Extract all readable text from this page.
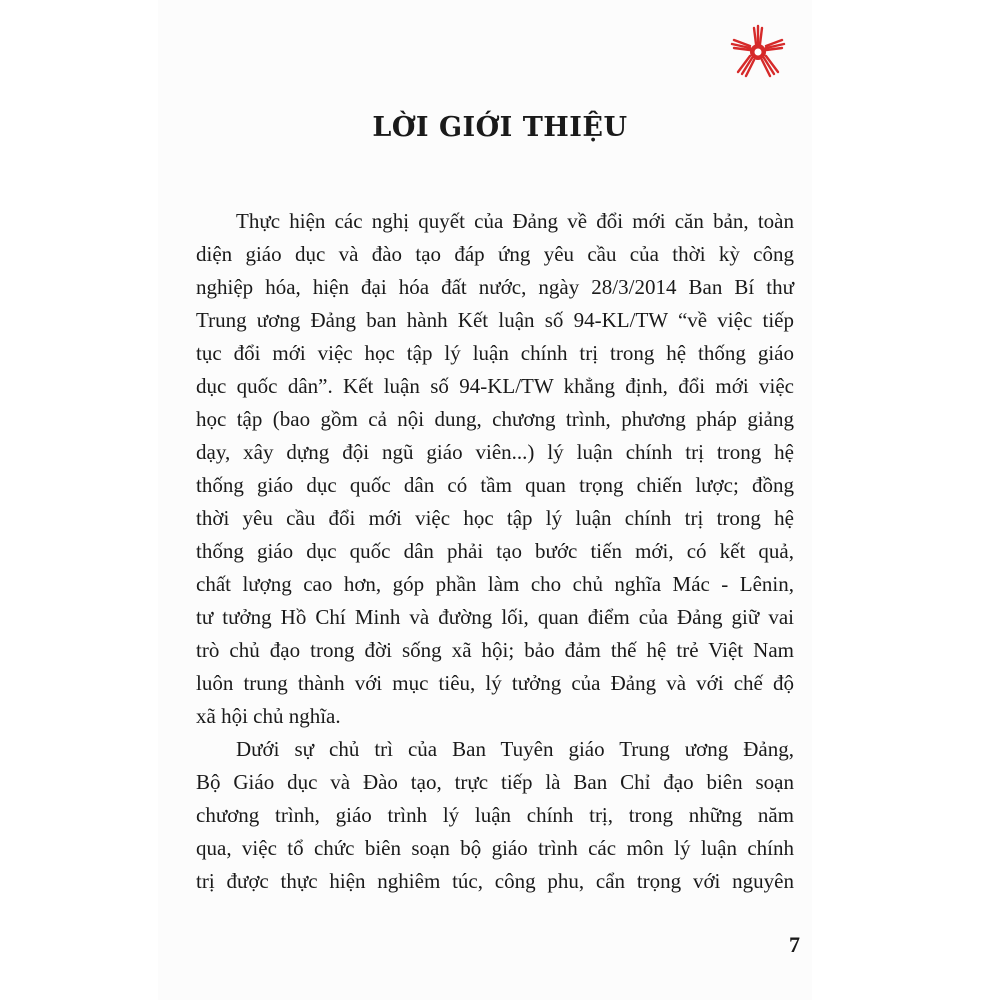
LỜI GIỚI THIỆU

Thực hiện các nghị quyết của Đảng về đổi mới căn bản, toàn
diện giáo dục và đào tạo đáp ứng yêu cầu của thời kỳ công
nghiệp hóa, hiện đại hóa đất nước, ngày 28/3/2014 Ban Bí thư
Trung ương Đảng ban hành Kết luận số 94-KL/TW “về việc tiếp
tục đổi mới việc học tập lý luận chính trị trong hệ thống giáo
dục quốc dân”. Kết luận số 94-KL/TW khẳng định, đổi mới việc
học tập (bao gồm cả nội dung, chương trình, phương pháp giảng
dạy, xây dựng đội ngũ giáo viên...) lý luận chính trị trong hệ
thống giáo dục quốc dân có tầm quan trọng chiến lược; đồng
thời yêu cầu đổi mới việc học tập lý luận chính trị trong hệ
thống giáo dục quốc dân phải tạo bước tiến mới, có kết quả,
chất lượng cao hơn, góp phần làm cho chủ nghĩa Mác - Lênin,
tư tưởng Hồ Chí Minh và đường lối, quan điểm của Đảng giữ vai
trò chủ đạo trong đời sống xã hội; bảo đảm thế hệ trẻ Việt Nam
luôn trung thành với mục tiêu, lý tưởng của Đảng và với chế độ
xã hội chủ nghĩa.

Dưới sự chủ trì của Ban Tuyên giáo Trung ương Đảng,
Bộ Giáo dục và Đào tạo, trực tiếp là Ban Chỉ đạo biên soạn
chương trình, giáo trình lý luận chính trị, trong những năm
qua, việc tổ chức biên soạn bộ giáo trình các môn lý luận chính
trị được thực hiện nghiêm túc, công phu, cẩn trọng với nguyên

7
